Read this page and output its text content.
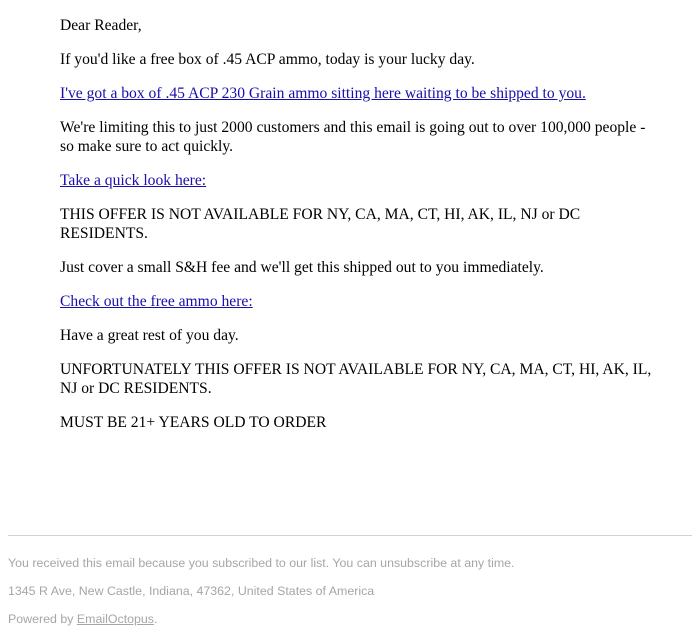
Dear Reader,

If you'd like a free box of .45 ACP ammo, today is your lucky day.

I've got a box of .45 ACP 230 Grain ammo sitting here waiting to be shipped to you.

We're limiting this to just 2000 customers and this email is going out to over 100,000 people - so make sure to act quickly.

Take a quick look here:

THIS OFFER IS NOT AVAILABLE FOR NY, CA, MA, CT, HI, AK, IL, NJ or DC RESIDENTS.

Just cover a small S&H fee and we'll get this shipped out to you immediately.

Check out the free ammo here:

Have a great rest of you day.

UNFORTUNATELY THIS OFFER IS NOT AVAILABLE FOR NY, CA, MA, CT, HI, AK, IL, NJ or DC RESIDENTS.

MUST BE 21+ YEARS OLD TO ORDER

You received this email because you subscribed to our list. You can unsubscribe at any time.

1345 R Ave, New Castle, Indiana, 47362, United States of America

Powered by EmailOctopus.
